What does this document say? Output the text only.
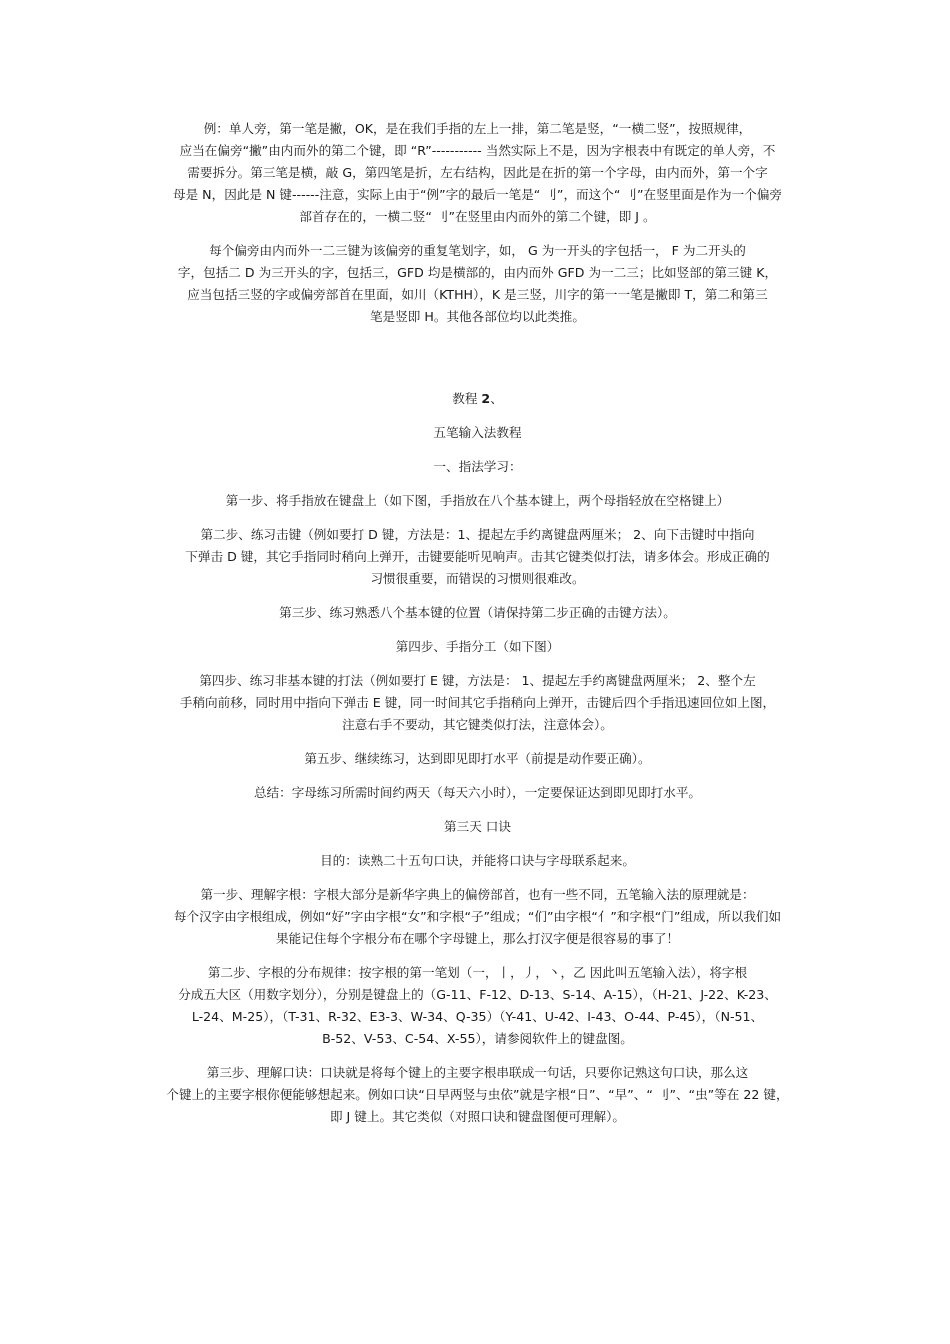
例：单人旁，第一笔是撇，OK，是在我们手指的左上一排，第二笔是竖，“一横二竖”，按照规律，
应当在偏旁“撇”由内而外的第二个键，即 “R”----------- 当然实际上不是，因为字根表中有既定的单人旁，不
需要拆分。第三笔是横，敲 G，第四笔是折，左右结构，因此是在折的第一个字母，由内而外，第一个字
母是 N，因此是 N 键------注意，实际上由于“例”字的最后一笔是“ 刂”，而这个“ 刂”在竖里面是作为一个偏旁
部首存在的，一横二竖“ 刂”在竖里由内而外的第二个键，即 J 。
每个偏旁由内而外一二三键为该偏旁的重复笔划字，如， G 为一开头的字包括一， F 为二开头的
字，包括二 D 为三开头的字，包括三，GFD 均是横部的，由内而外 GFD 为一二三；比如竖部的第三键 K，
应当包括三竖的字或偏旁部首在里面，如川（KTHH），K 是三竖，川字的第一一笔是撇即 T，第二和第三
笔是竖即 H。其他各部位均以此类推。
教程 2、
五笔输入法教程
一、指法学习：
第一步、将手指放在键盘上（如下图，手指放在八个基本键上，两个母指轻放在空格键上）
第二步、练习击键（例如要打 D 键，方法是：1、提起左手约离键盘两厘米； 2、向下击键时中指向
下弹击 D 键，其它手指同时稍向上弹开，击键要能听见响声。击其它键类似打法，请多体会。形成正确的
习惯很重要，而错误的习惯则很难改。
第三步、练习熟悉八个基本键的位置（请保持第二步正确的击键方法）。
第四步、手指分工（如下图）
第四步、练习非基本键的打法（例如要打 E 键，方法是： 1、提起左手约离键盘两厘米； 2、整个左
手稍向前移，同时用中指向下弹击 E 键，同一时间其它手指稍向上弹开，击键后四个手指迅速回位如上图，
注意右手不要动，其它键类似打法，注意体会）。
第五步、继续练习，达到即见即打水平（前提是动作要正确）。
总结：字母练习所需时间约两天（每天六小时），一定要保证达到即见即打水平。
第三天 口诀
目的：读熟二十五句口诀，并能将口诀与字母联系起来。
第一步、理解字根：字根大部分是新华字典上的偏傍部首，也有一些不同，五笔输入法的原理就是：
每个汉字由字根组成，例如“好”字由字根“女”和字根“子”组成；“们”由字根“亻”和字根“门”组成，所以我们如
果能记住每个字根分布在哪个字母键上，那么打汉字便是很容易的事了！
第二步、字根的分布规律：按字根的第一笔划（一，丨，丿，丶，乙 因此叫五笔输入法），将字根
分成五大区（用数字划分），分别是键盘上的（G-11、F-12、D-13、S-14、A-15），（H-21、J-22、K-23、
L-24、M-25），（T-31、R-32、E3-3、W-34、Q-35）（Y-41、U-42、I-43、O-44、P-45），（N-51、
B-52、V-53、C-54、X-55），请参阅软件上的键盘图。
第三步、理解口诀：口诀就是将每个键上的主要字根串联成一句话，只要你记熟这句口诀，那么这
个键上的主要字根你便能够想起来。例如口诀“日早两竖与虫依”就是字根“日”、“早”、“ 刂”、“虫”等在 22 键，
即 J 键上。其它类似（对照口诀和键盘图便可理解）。
